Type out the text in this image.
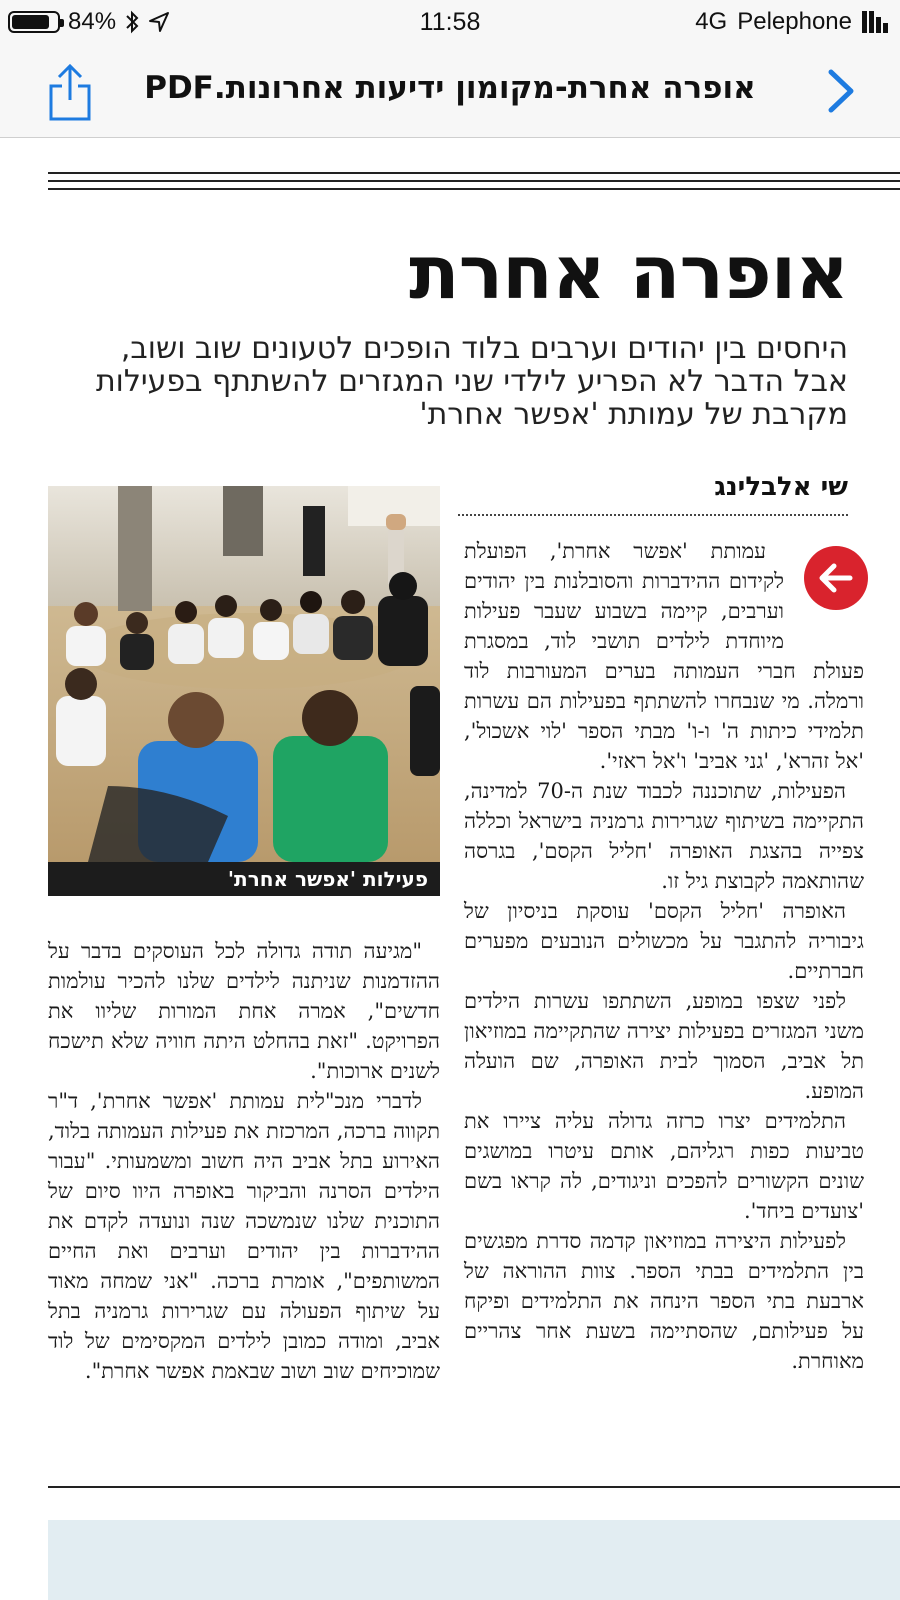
84%	11:58	4G Pelephone
אופרה אחרת-מקומון ידיעות אחרונות.PDF
אופרה אחרת
היחסים בין יהודים וערבים בלוד הופכים לטעונים שוב ושוב, אבל הדבר לא הפריע לילדי שני המגזרים להשתתף בפעילות מקרבת של עמותת 'אפשר אחרת'
שי אלבלינג

עמותת 'אפשר אחרת', הפועלת לקידום ההידברות והסובלנות בין יהודים וערבים, קיימה בשבוע שעבר פעילות מיוחדת לילדים תושבי לוד, במסגרת פעולת חברי העמותה בערים המעורבות לוד ורמלה. מי שנבחרו להשתתף בפעילות הם עשרות תלמידי כיתות ה' ו-ו' מבתי הספר 'לוי אשכול', 'אל זהרא', 'גני אביב' ו'אל ראזי'.

הפעילות, שתוכננה לכבוד שנת ה-70 למדינה, התקיימה בשיתוף שגרירות גרמניה בישראל וכללה צפייה בהצגת האופרה 'חליל הקסם', בגרסה שהותאמה לקבוצת גיל זו.

האופרה 'חליל הקסם' עוסקת בניסיון של גיבוריה להתגבר על מכשולים הנובעים מפערים חברתיים.

לפני שצפו במופע, השתתפו עשרות הילדים משני המגזרים בפעילות יצירה שהתקיימה במוזיאון תל אביב, הסמוך לבית האופרה, שם הועלה המופע.

התלמידים יצרו כרזה גדולה עליה ציירו את טביעות כפות רגליהם, אותם עיטרו במושגים שונים הקשורים להפכים וניגודים, לה קראו בשם 'צועדים ביחד'.

לפעילות היצירה במוזיאון קדמה סדרת מפגשים בין התלמידים בבתי הספר. צוות ההוראה של ארבעת בתי הספר הינחה את התלמידים ופיקח על פעילותם, שהסתיימה בשעת אחר צהריים מאוחרת.

פעילות 'אפשר אחרת'

"מגיעה תודה גדולה לכל העוסקים בדבר על ההזדמנות שניתנה לילדים שלנו להכיר עולמות חדשים", אמרה אחת המורות שליוו את הפרויקט. "זאת בהחלט היתה חוויה שלא תישכח לשנים ארוכות".

לדברי מנכ"לית עמותת 'אפשר אחרת', ד"ר תקווה ברכה, המרכזת את פעילות העמותה בלוד, האירוע בתל אביב היה חשוב ומשמעותי. "עבור הילדים הסרנה והביקור באופרה היוו סיום של התוכנית שלנו שנמשכה שנה ונועדה לקדם את ההידברות בין יהודים וערבים ואת החיים המשותפים", אומרת ברכה. "אני שמחה מאוד על שיתוף הפעולה עם שגרירות גרמניה בתל אביב, ומודה כמובן לילדים המקסימים של לוד שמוכיחים שוב ושוב שבאמת אפשר אחרת".
